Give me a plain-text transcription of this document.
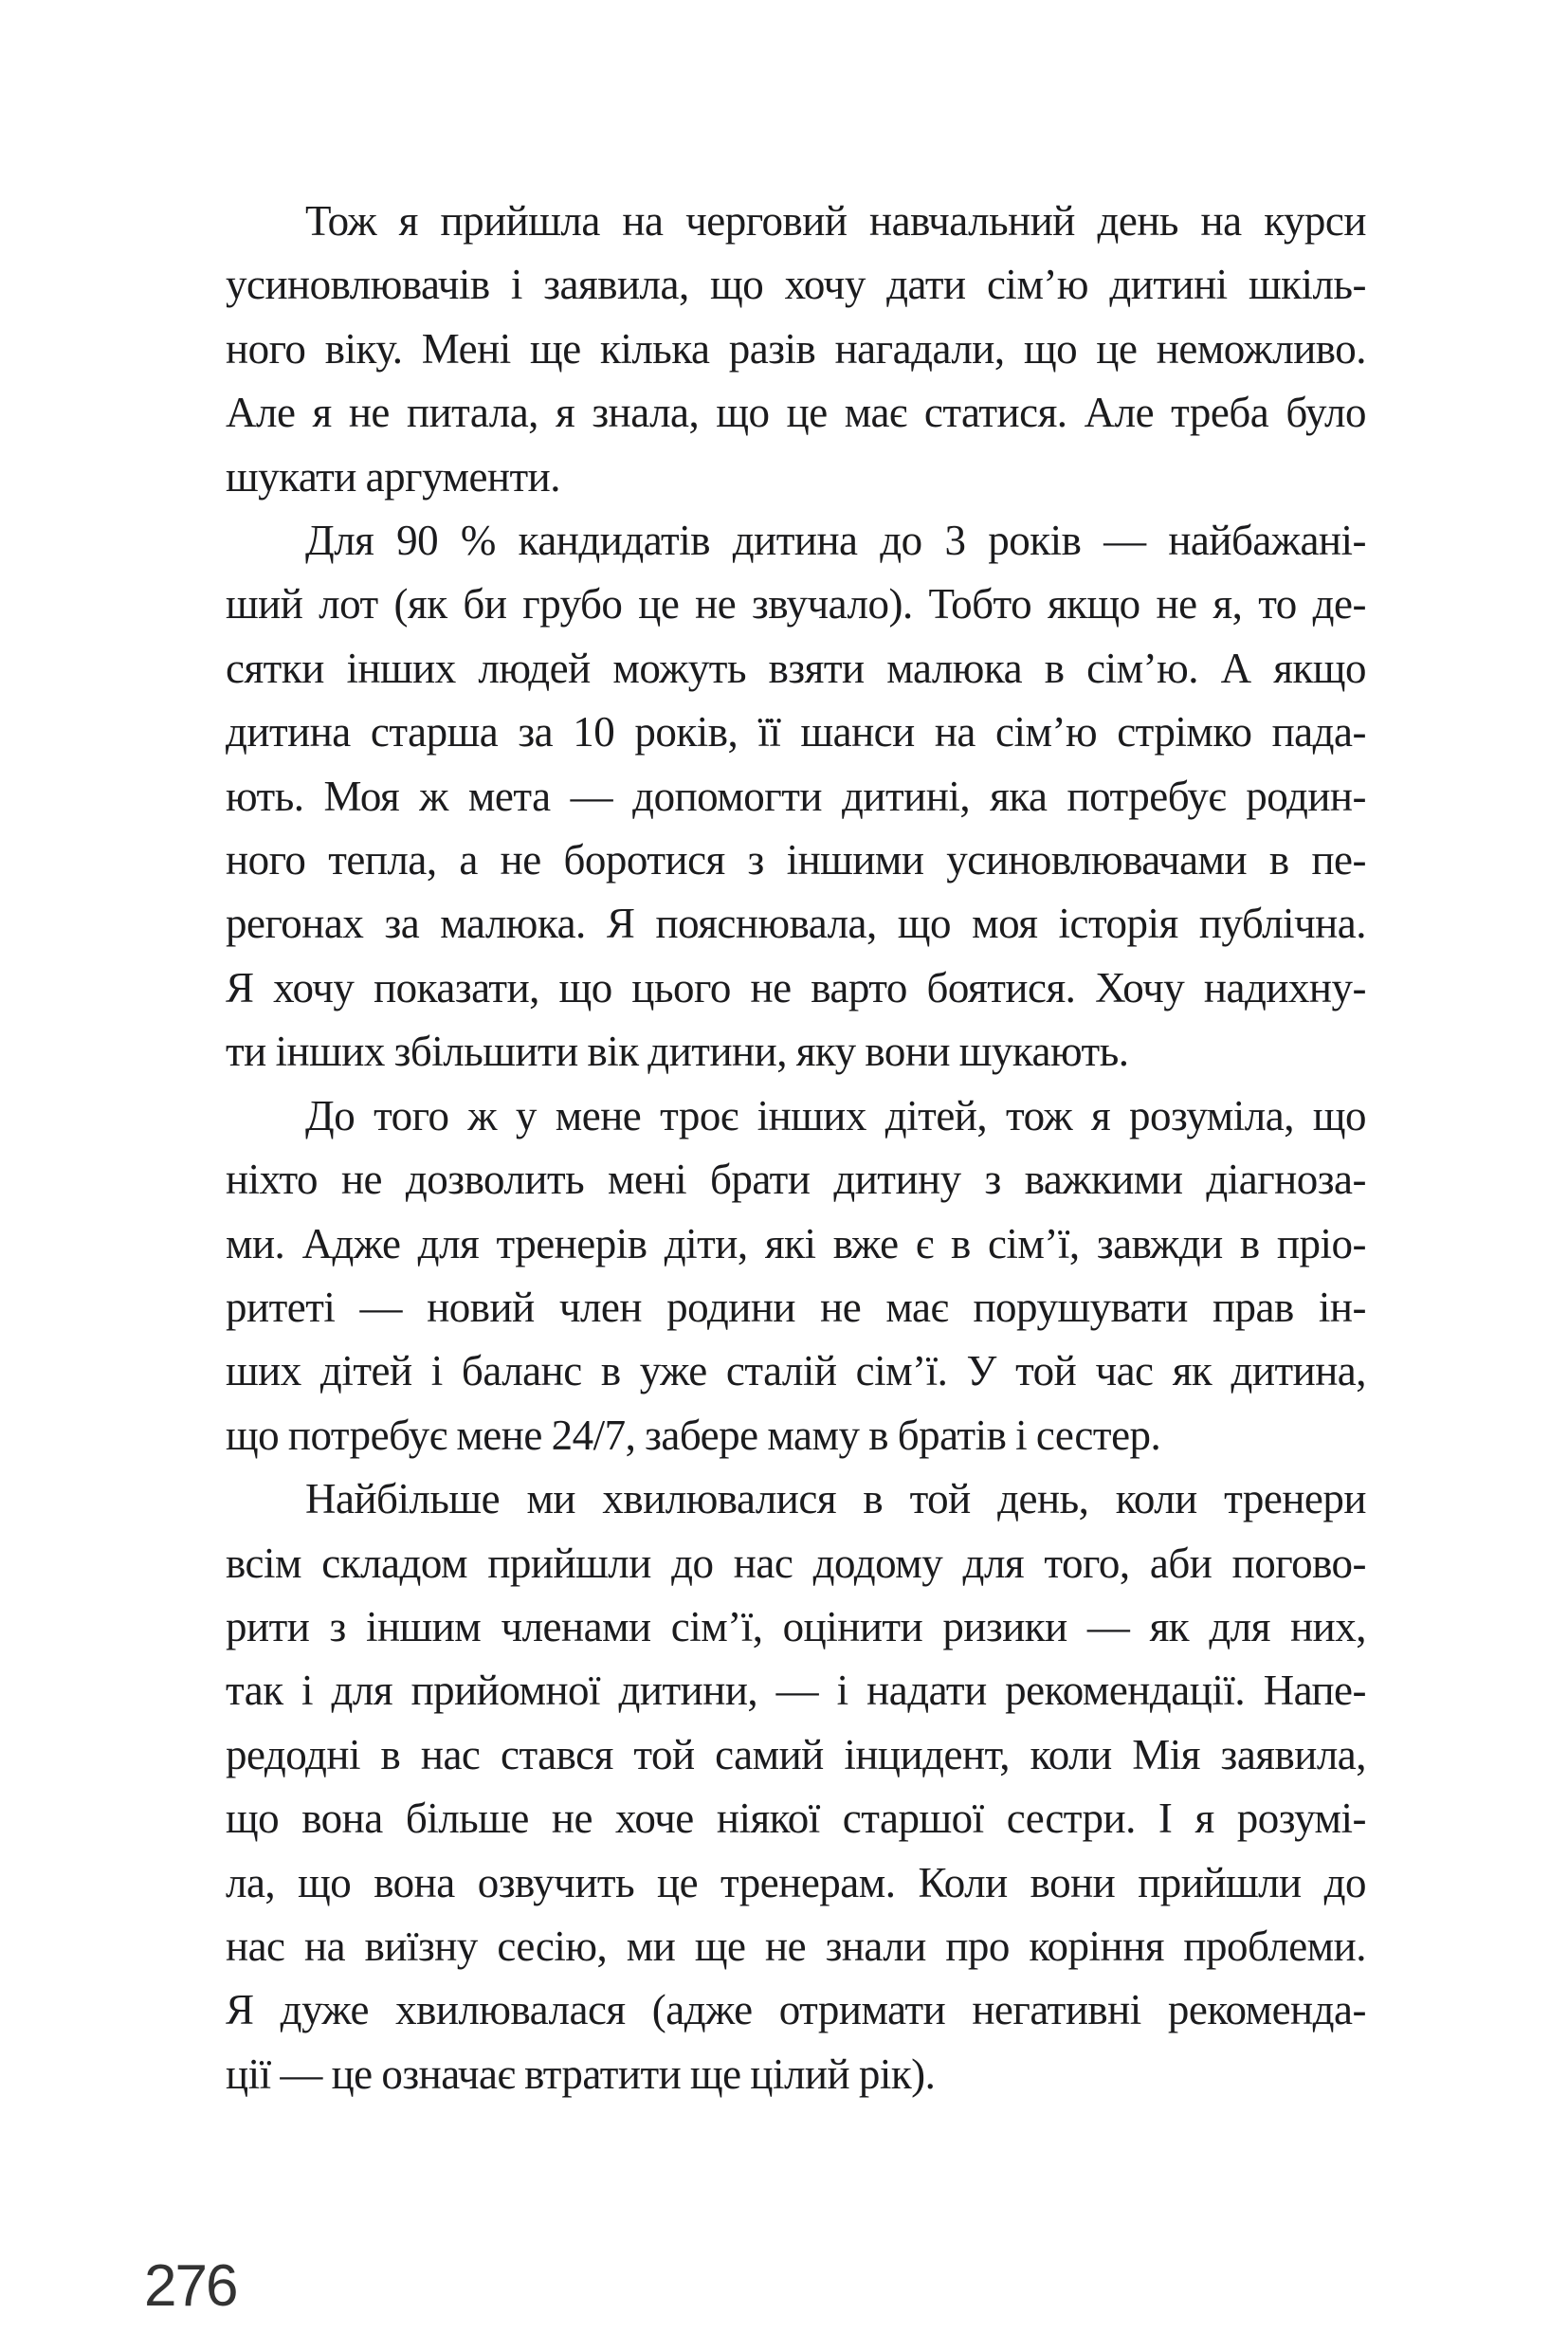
Тож я прийшла на черговий навчальний день на курси
усиновлювачів і заявила, що хочу дати сім’ю дитині шкіль-
ного віку. Мені ще кілька разів нагадали, що це неможливо.
Але я не питала, я знала, що це має статися. Але треба було
шукати аргументи.
Для 90 % кандидатів дитина до 3 років — найбажані-
ший лот (як би грубо це не звучало). Тобто якщо не я, то де-
сятки інших людей можуть взяти малюка в сім’ю. А якщо
дитина старша за 10 років, її шанси на сім’ю стрімко пада-
ють. Моя ж мета — допомогти дитині, яка потребує родин-
ного тепла, а не боротися з іншими усиновлювачами в пе-
регонах за малюка. Я пояснювала, що моя історія публічна.
Я хочу показати, що цього не варто боятися. Хочу надихну-
ти інших збільшити вік дитини, яку вони шукають.
До того ж у мене троє інших дітей, тож я розуміла, що
ніхто не дозволить мені брати дитину з важкими діагноза-
ми. Адже для тренерів діти, які вже є в сім’ї, завжди в пріо-
ритеті — новий член родини не має порушувати прав ін-
ших дітей і баланс в уже сталій сім’ї. У той час як дитина,
що потребує мене 24/7, забере маму в братів і сестер.
Найбільше ми хвилювалися в той день, коли тренери
всім складом прийшли до нас додому для того, аби погово-
рити з іншим членами сім’ї, оцінити ризики — як для них,
так і для прийомної дитини, — і надати рекомендації. Напе-
редодні в нас стався той самий інцидент, коли Мія заявила,
що вона більше не хоче ніякої старшої сестри. І я розумі-
ла, що вона озвучить це тренерам. Коли вони прийшли до
нас на виїзну сесію, ми ще не знали про коріння проблеми.
Я дуже хвилювалася (адже отримати негативні рекоменда-
ції — це означає втратити ще цілий рік).
276
